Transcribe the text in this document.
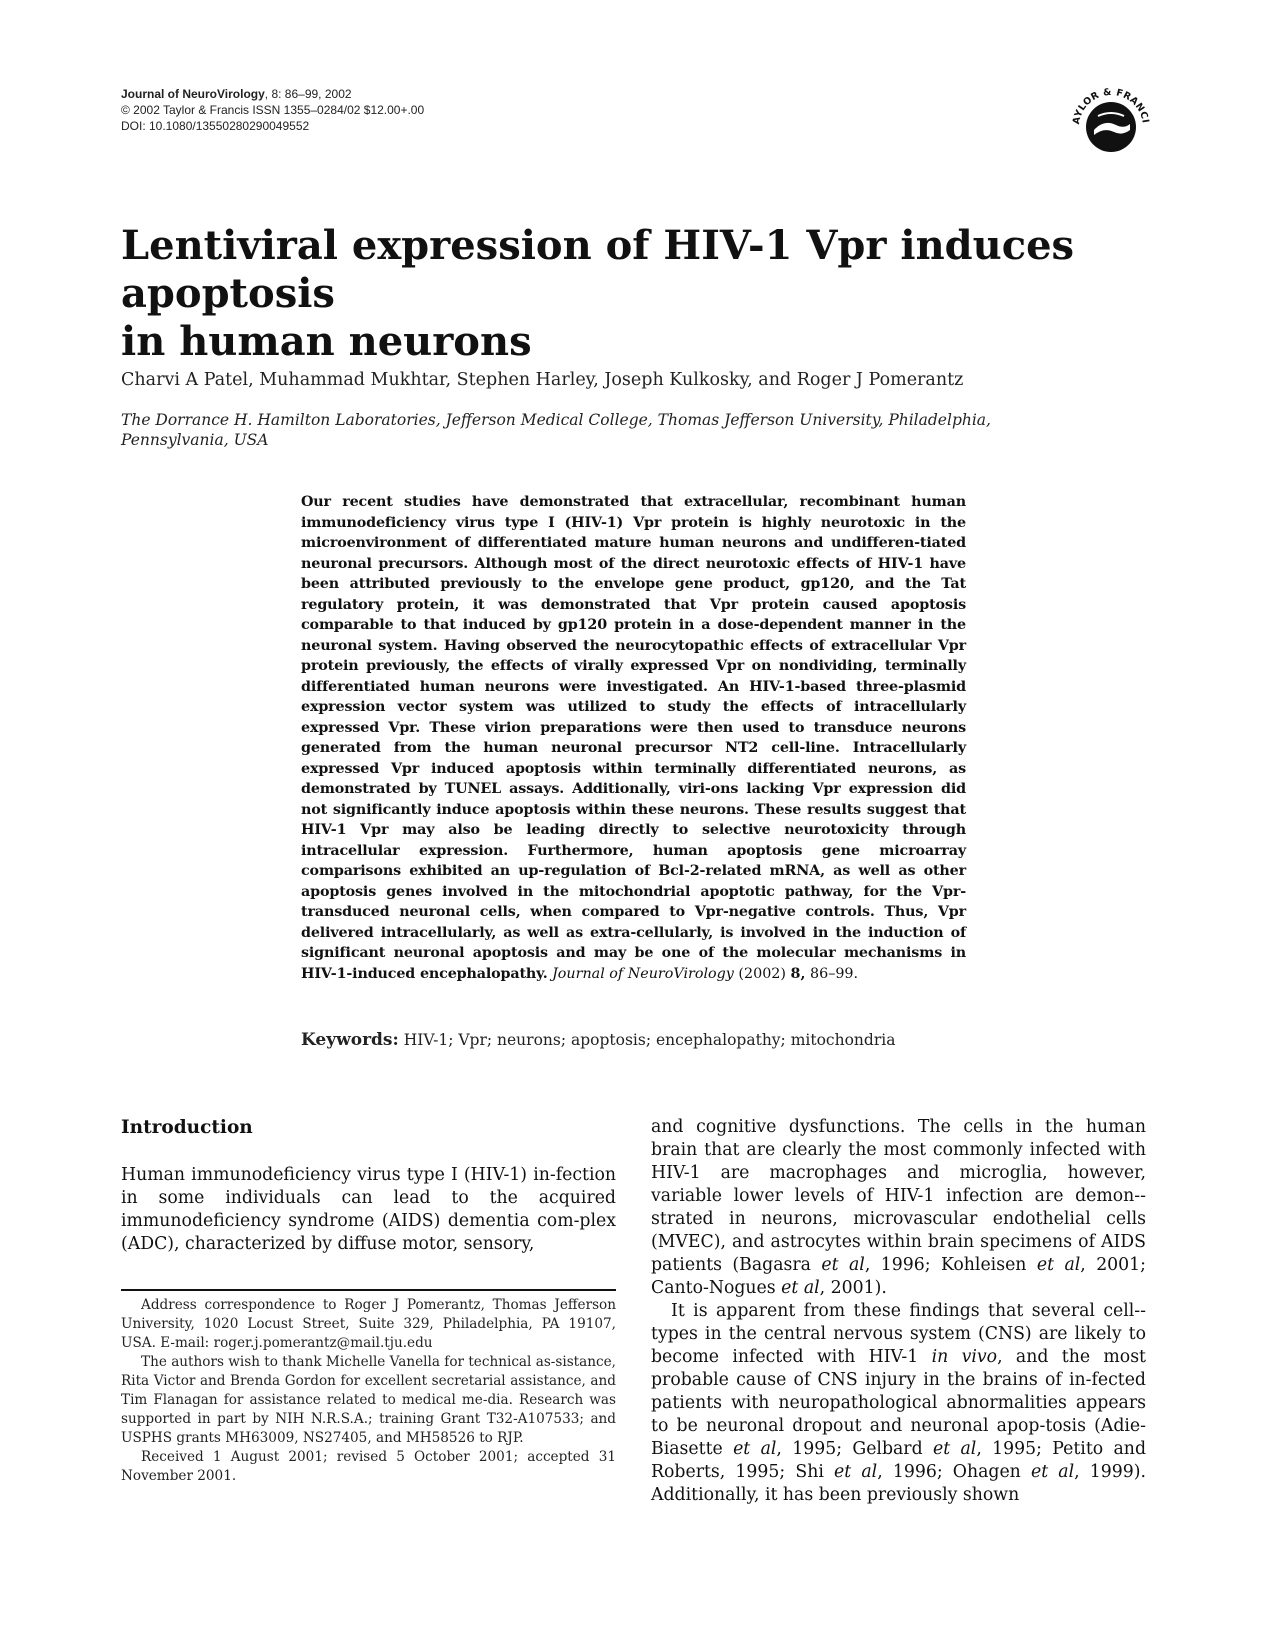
Journal of NeuroVirology, 8: 86–99, 2002
© 2002 Taylor & Francis ISSN 1355–0284/02 $12.00+.00
DOI: 10.1080/13550280290049552	AYLOR & FRANCI
Founded 1798
Lentiviral expression of HIV-1 Vpr induces apoptosis
in human neurons
Charvi A Patel, Muhammad Mukhtar, Stephen Harley, Joseph Kulkosky, and Roger J Pomerantz
The Dorrance H. Hamilton Laboratories, Jefferson Medical College, Thomas Jefferson University, Philadelphia, Pennsylvania, USA
Our recent studies have demonstrated that extracellular, recombinant human immunodeficiency virus type I (HIV-1) Vpr protein is highly neurotoxic in the microenvironment of differentiated mature human neurons and undifferen-tiated neuronal precursors. Although most of the direct neurotoxic effects of HIV-1 have been attributed previously to the envelope gene product, gp120, and the Tat regulatory protein, it was demonstrated that Vpr protein caused apoptosis comparable to that induced by gp120 protein in a dose-dependent manner in the neuronal system. Having observed the neurocytopathic effects of extracellular Vpr protein previously, the effects of virally expressed Vpr on nondividing, terminally differentiated human neurons were investigated. An HIV-1-based three-plasmid expression vector system was utilized to study the effects of intracellularly expressed Vpr. These virion preparations were then used to transduce neurons generated from the human neuronal precursor NT2 cell-line. Intracellularly expressed Vpr induced apoptosis within terminally differentiated neurons, as demonstrated by TUNEL assays. Additionally, viri-ons lacking Vpr expression did not significantly induce apoptosis within these neurons. These results suggest that HIV-1 Vpr may also be leading directly to selective neurotoxicity through intracellular expression. Furthermore, human apoptosis gene microarray comparisons exhibited an up-regulation of Bcl-2-related mRNA, as well as other apoptosis genes involved in the mitochondrial apoptotic pathway, for the Vpr-transduced neuronal cells, when compared to Vpr-negative controls. Thus, Vpr delivered intracellularly, as well as extra-cellularly, is involved in the induction of significant neuronal apoptosis and may be one of the molecular mechanisms in HIV-1-induced encephalopathy. Journal of NeuroVirology (2002) 8, 86–99.
Keywords: HIV-1; Vpr; neurons; apoptosis; encephalopathy; mitochondria
Introduction

Human immunodeficiency virus type I (HIV-1) in-fection in some individuals can lead to the acquired immunodeficiency syndrome (AIDS) dementia com-plex (ADC), characterized by diffuse motor, sensory,

Address correspondence to Roger J Pomerantz, Thomas Jefferson University, 1020 Locust Street, Suite 329, Philadelphia, PA 19107, USA. E-mail: roger.j.pomerantz@mail.tju.edu

The authors wish to thank Michelle Vanella for technical as-sistance, Rita Victor and Brenda Gordon for excellent secretarial assistance, and Tim Flanagan for assistance related to medical me-dia. Research was supported in part by NIH N.R.S.A.; training Grant T32-A107533; and USPHS grants MH63009, NS27405, and MH58526 to RJP.

Received 1 August 2001; revised 5 October 2001; accepted 31 November 2001.

and cognitive dysfunctions. The cells in the human brain that are clearly the most commonly infected with HIV-1 are macrophages and microglia, however, variable lower levels of HIV-1 infection are demon-strated in neurons, microvascular endothelial cells (MVEC), and astrocytes within brain specimens of AIDS patients (Bagasra et al, 1996; Kohleisen et al, 2001; Canto-Nogues et al, 2001).

It is apparent from these findings that several cell-types in the central nervous system (CNS) are likely to become infected with HIV-1 in vivo, and the most probable cause of CNS injury in the brains of in-fected patients with neuropathological abnormalities appears to be neuronal dropout and neuronal apop-tosis (Adie-Biasette et al, 1995; Gelbard et al, 1995; Petito and Roberts, 1995; Shi et al, 1996; Ohagen et al, 1999). Additionally, it has been previously shown
